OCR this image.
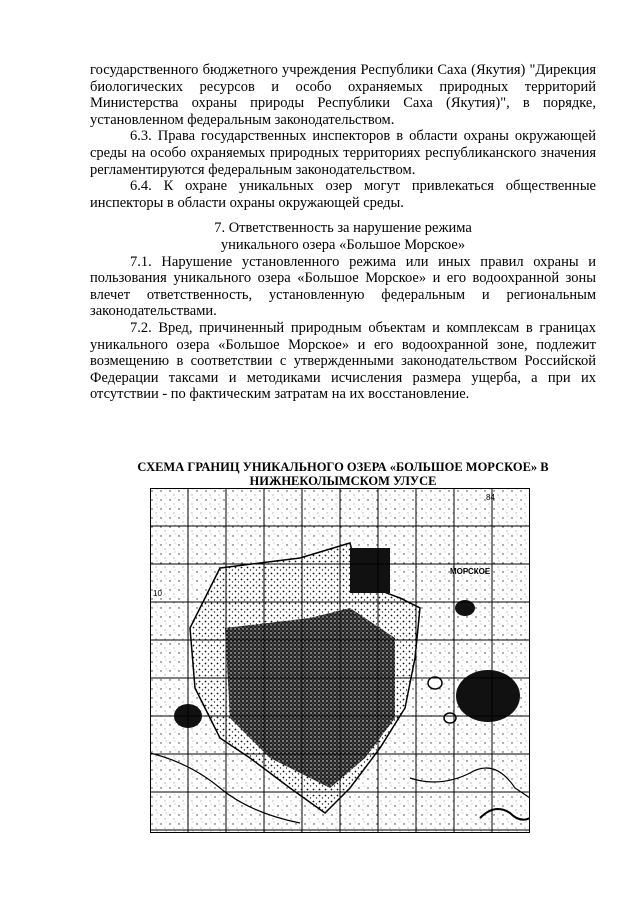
государственного бюджетного учреждения Республики Саха (Якутия) "Дирекция биологических ресурсов и особо охраняемых природных территорий Министерства охраны природы Республики Саха (Якутия)", в порядке, установленном федеральным законодательством.

6.3. Права государственных инспекторов в области охраны окружающей среды на особо охраняемых природных территориях республиканского значения регламентируются федеральным законодательством.

6.4. К охране уникальных озер могут привлекаться общественные инспекторы в области охраны окружающей среды.

7. Ответственность за нарушение режима

уникального озера «Большое Морское»

7.1. Нарушение установленного режима или иных правил охраны и пользования уникального озера «Большое Морское» и его водоохранной зоны влечет ответственность, установленную федеральным и региональным законодательствами.

7.2. Вред, причиненный природным объектам и комплексам в границах уникального озера «Большое Морское» и его водоохранной зоне, подлежит возмещению в соответствии с утвержденными законодательством Российской Федерации таксами и методиками исчисления размера ущерба, а при их отсутствии - по фактическим затратам на их восстановление.

СХЕМА ГРАНИЦ УНИКАЛЬНОГО ОЗЕРА «БОЛЬШОЕ МОРСКОЕ» В НИЖНЕКОЛЫМСКОМ УЛУСЕ
МОРСКОЕ
84
10
